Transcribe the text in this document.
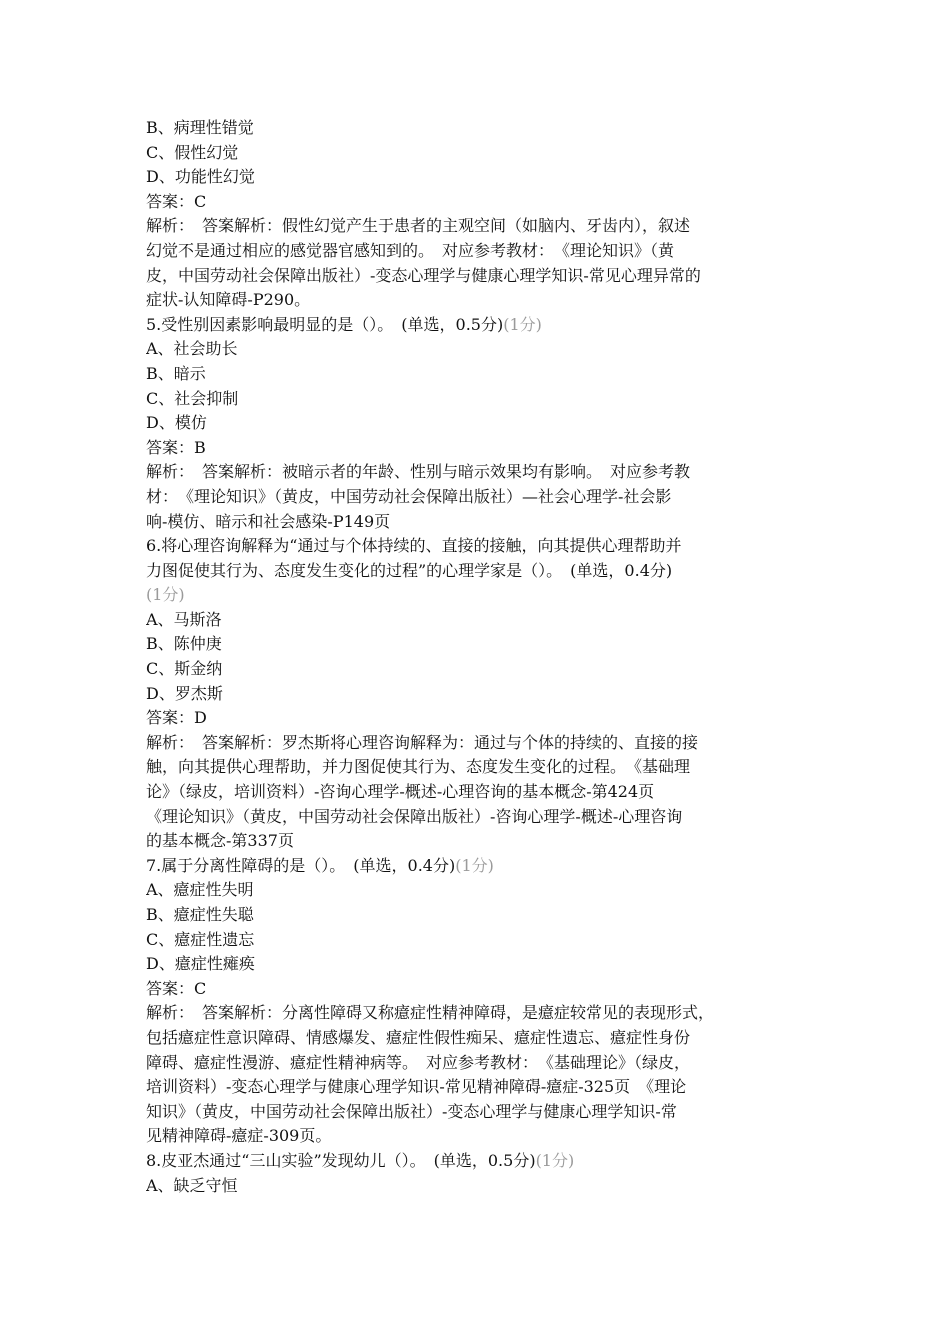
B、病理性错觉
C、假性幻觉
D、功能性幻觉
答案：C
解析：　答案解析：假性幻觉产生于患者的主观空间（如脑内、牙齿内），叙述
幻觉不是通过相应的感觉器官感知到的。　对应参考教材：　《理论知识》（黄
皮，中国劳动社会保障出版社）-变态心理学与健康心理学知识-常见心理异常的
症状-认知障碍-P290。
5.受性别因素影响最明显的是（）。　(单选，0.5分)(1分)
A、社会助长
B、暗示
C、社会抑制
D、模仿
答案：B
解析：　答案解析：被暗示者的年龄、性别与暗示效果均有影响。　对应参考教
材：　《理论知识》（黄皮，中国劳动社会保障出版社）—社会心理学-社会影
响-模仿、暗示和社会感染-P149页
6.将心理咨询解释为“通过与个体持续的、直接的接触，向其提供心理帮助并
力图促使其行为、态度发生变化的过程”的心理学家是（）。　(单选，0.4分)
(1分)
A、马斯洛
B、陈仲庚
C、斯金纳
D、罗杰斯
答案：D
解析：　答案解析：罗杰斯将心理咨询解释为：通过与个体的持续的、直接的接
触，向其提供心理帮助，并力图促使其行为、态度发生变化的过程。　《基础理
论》（绿皮，培训资料）-咨询心理学-概述-心理咨询的基本概念-第424页
《理论知识》（黄皮，中国劳动社会保障出版社）-咨询心理学-概述-心理咨询
的基本概念-第337页
7.属于分离性障碍的是（）。　(单选，0.4分)(1分)
A、癔症性失明
B、癔症性失聪
C、癔症性遗忘
D、癔症性瘫痪
答案：C
解析：　答案解析：分离性障碍又称癔症性精神障碍，是癔症较常见的表现形式，
包括癔症性意识障碍、情感爆发、癔症性假性痴呆、癔症性遗忘、癔症性身份
障碍、癔症性漫游、癔症性精神病等。　对应参考教材：　《基础理论》（绿皮，
培训资料）-变态心理学与健康心理学知识-常见精神障碍-癔症-325页　《理论
知识》（黄皮，中国劳动社会保障出版社）-变态心理学与健康心理学知识-常
见精神障碍-癔症-309页。
8.皮亚杰通过“三山实验”发现幼儿（）。　(单选，0.5分)(1分)
A、缺乏守恒
